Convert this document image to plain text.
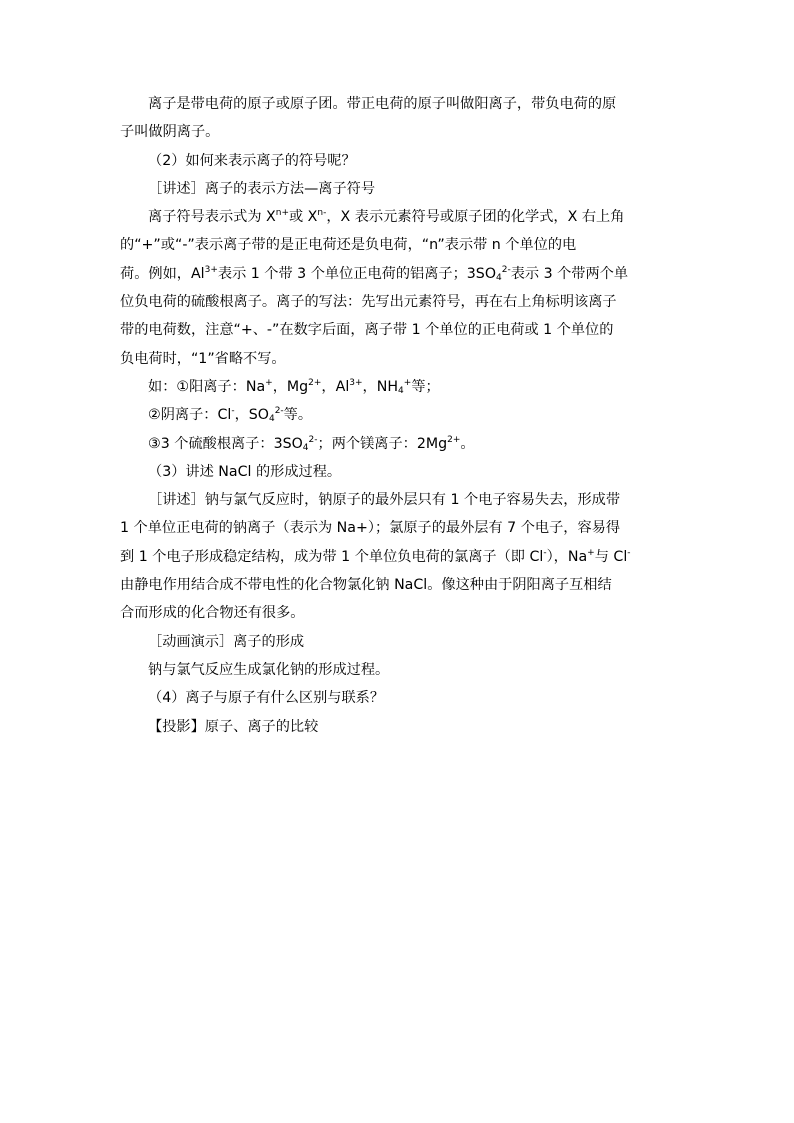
离子是带电荷的原子或原子团。带正电荷的原子叫做阳离子，带负电荷的原
子叫做阴离子。
（2）如何来表示离子的符号呢？
［讲述］离子的表示方法—离子符号
离子符号表示式为 $X^{n+}$或 $X^{n-}$，X 表示元素符号或原子团的化学式，X 右上角
的“+”或“-”表示离子带的是正电荷还是负电荷，“n”表示带 n 个单位的电
荷。例如，$Al^{3+}$表示 1 个带 3 个单位正电荷的铝离子；$3SO_4^{2-}$表示 3 个带两个单
位负电荷的硫酸根离子。离子的写法：先写出元素符号，再在右上角标明该离子
带的电荷数，注意“+、-”在数字后面，离子带 1 个单位的正电荷或 1 个单位的
负电荷时，“1”省略不写。
如：①阳离子：Na+，$Mg^{2+}$，$Al^{3+}$，$NH_4^+$等；
②阴离子：Cl-，$SO_4^{2-}$等。
③3 个硫酸根离子：$3SO_4^{2-}$；两个镁离子：$2Mg^{2+}$。
（3）讲述 NaCl 的形成过程。
［讲述］钠与氯气反应时，钠原子的最外层只有 1 个电子容易失去，形成带
1 个单位正电荷的钠离子（表示为 Na+）；氯原子的最外层有 7 个电子，容易得
到 1 个电子形成稳定结构，成为带 1 个单位负电荷的氯离子（即 Cl-），Na+与 Cl-
由静电作用结合成不带电性的化合物氯化钠 NaCl。像这种由于阴阳离子互相结
合而形成的化合物还有很多。
［动画演示］离子的形成
钠与氯气反应生成氯化钠的形成过程。
（4）离子与原子有什么区别与联系？
【投影】原子、离子的比较
